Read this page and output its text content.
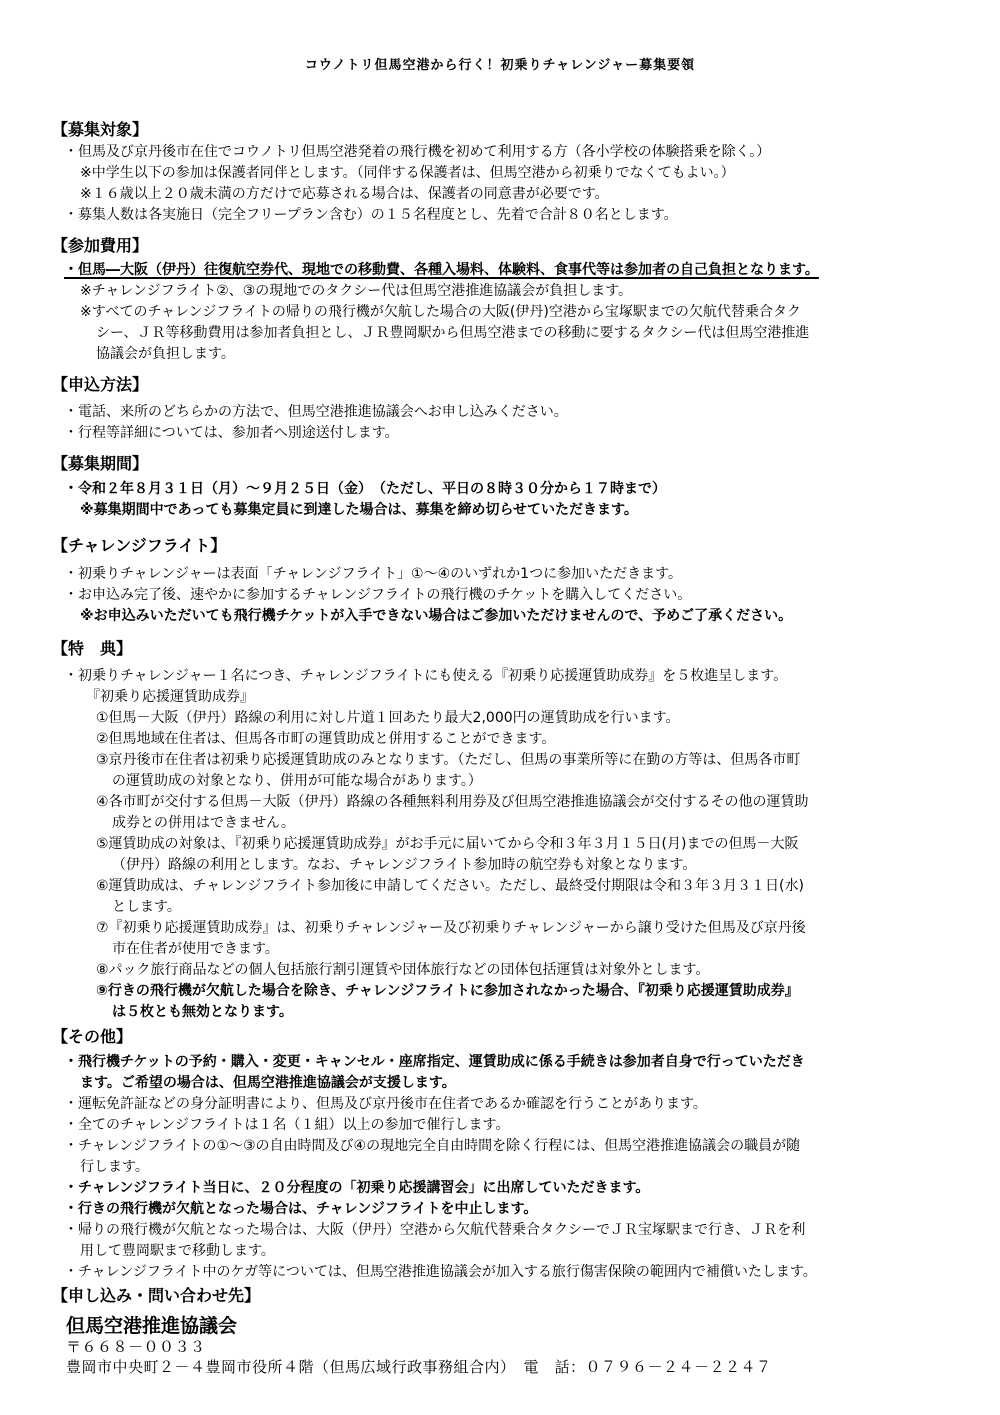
コウノトリ但馬空港から行く！初乗りチャレンジャー募集要領
【募集対象】
・但馬及び京丹後市在住でコウノトリ但馬空港発着の飛行機を初めて利用する方（各小学校の体験搭乗を除く。）
※中学生以下の参加は保護者同伴とします。（同伴する保護者は、但馬空港から初乗りでなくてもよい。）
※１６歳以上２０歳未満の方だけで応募される場合は、保護者の同意書が必要です。
・募集人数は各実施日（完全フリープラン含む）の１５名程度とし、先着で合計８０名とします。
【参加費用】
・但馬―大阪（伊丹）往復航空券代、現地での移動費、各種入場料、体験料、食事代等は参加者の自己負担となります。
※チャレンジフライト②、③の現地でのタクシー代は但馬空港推進協議会が負担します。
※すべてのチャレンジフライトの帰りの飛行機が欠航した場合の大阪(伊丹)空港から宝塚駅までの欠航代替乗合タク
シー、ＪＲ等移動費用は参加者負担とし、ＪＲ豊岡駅から但馬空港までの移動に要するタクシー代は但馬空港推進
協議会が負担します。
【申込方法】
・電話、来所のどちらかの方法で、但馬空港推進協議会へお申し込みください。
・行程等詳細については、参加者へ別途送付します。
【募集期間】
・令和２年８月３１日（月）～９月２５日（金）　（ただし、平日の８時３０分から１７時まで）
※募集期間中であっても募集定員に到達した場合は、募集を締め切らせていただきます。
【チャレンジフライト】
・初乗りチャレンジャーは表面「チャレンジフライト」①～④のいずれか1つに参加いただきます。
・お申込み完了後、速やかに参加するチャレンジフライトの飛行機のチケットを購入してください。
※お申込みいただいても飛行機チケットが入手できない場合はご参加いただけませんので、予めご了承ください。
【特　典】
・初乗りチャレンジャー１名につき、チャレンジフライトにも使える『初乗り応援運賃助成券』を５枚進呈します。
『初乗り応援運賃助成券』
①但馬－大阪（伊丹）路線の利用に対し片道１回あたり最大2,000円の運賃助成を行います。
②但馬地域在住者は、但馬各市町の運賃助成と併用することができます。
③京丹後市在住者は初乗り応援運賃助成のみとなります。（ただし、但馬の事業所等に在勤の方等は、但馬各市町
の運賃助成の対象となり、併用が可能な場合があります。）
④各市町が交付する但馬－大阪（伊丹）路線の各種無料利用券及び但馬空港推進協議会が交付するその他の運賃助
成券との併用はできません。
⑤運賃助成の対象は、『初乗り応援運賃助成券』がお手元に届いてから令和３年３月１５日(月)までの但馬－大阪
（伊丹）路線の利用とします。なお、チャレンジフライト参加時の航空券も対象となります。
⑥運賃助成は、チャレンジフライト参加後に申請してください。ただし、最終受付期限は令和３年３月３１日(水)
とします。
⑦『初乗り応援運賃助成券』は、初乗りチャレンジャー及び初乗りチャレンジャーから譲り受けた但馬及び京丹後
市在住者が使用できます。
⑧パック旅行商品などの個人包括旅行割引運賃や団体旅行などの団体包括運賃は対象外とします。
⑨行きの飛行機が欠航した場合を除き、チャレンジフライトに参加されなかった場合、『初乗り応援運賃助成券』
は５枚とも無効となります。
【その他】
・飛行機チケットの予約・購入・変更・キャンセル・座席指定、運賃助成に係る手続きは参加者自身で行っていただき
ます。ご希望の場合は、但馬空港推進協議会が支援します。
・運転免許証などの身分証明書により、但馬及び京丹後市在住者であるか確認を行うことがあります。
・全てのチャレンジフライトは１名（１組）以上の参加で催行します。
・チャレンジフライトの①～③の自由時間及び④の現地完全自由時間を除く行程には、但馬空港推進協議会の職員が随
行します。
・チャレンジフライト当日に、２０分程度の「初乗り応援講習会」に出席していただきます。
・行きの飛行機が欠航となった場合は、チャレンジフライトを中止します。
・帰りの飛行機が欠航となった場合は、大阪（伊丹）空港から欠航代替乗合タクシーでＪＲ宝塚駅まで行き、ＪＲを利
用して豊岡駅まで移動します。
・チャレンジフライト中のケガ等については、但馬空港推進協議会が加入する旅行傷害保険の範囲内で補償いたします。
【申し込み・問い合わせ先】
但馬空港推進協議会
〒６６８－００３３
豊岡市中央町２－４豊岡市役所４階（但馬広域行政事務組合内）　電　話：０７９６－２４－２２４７
